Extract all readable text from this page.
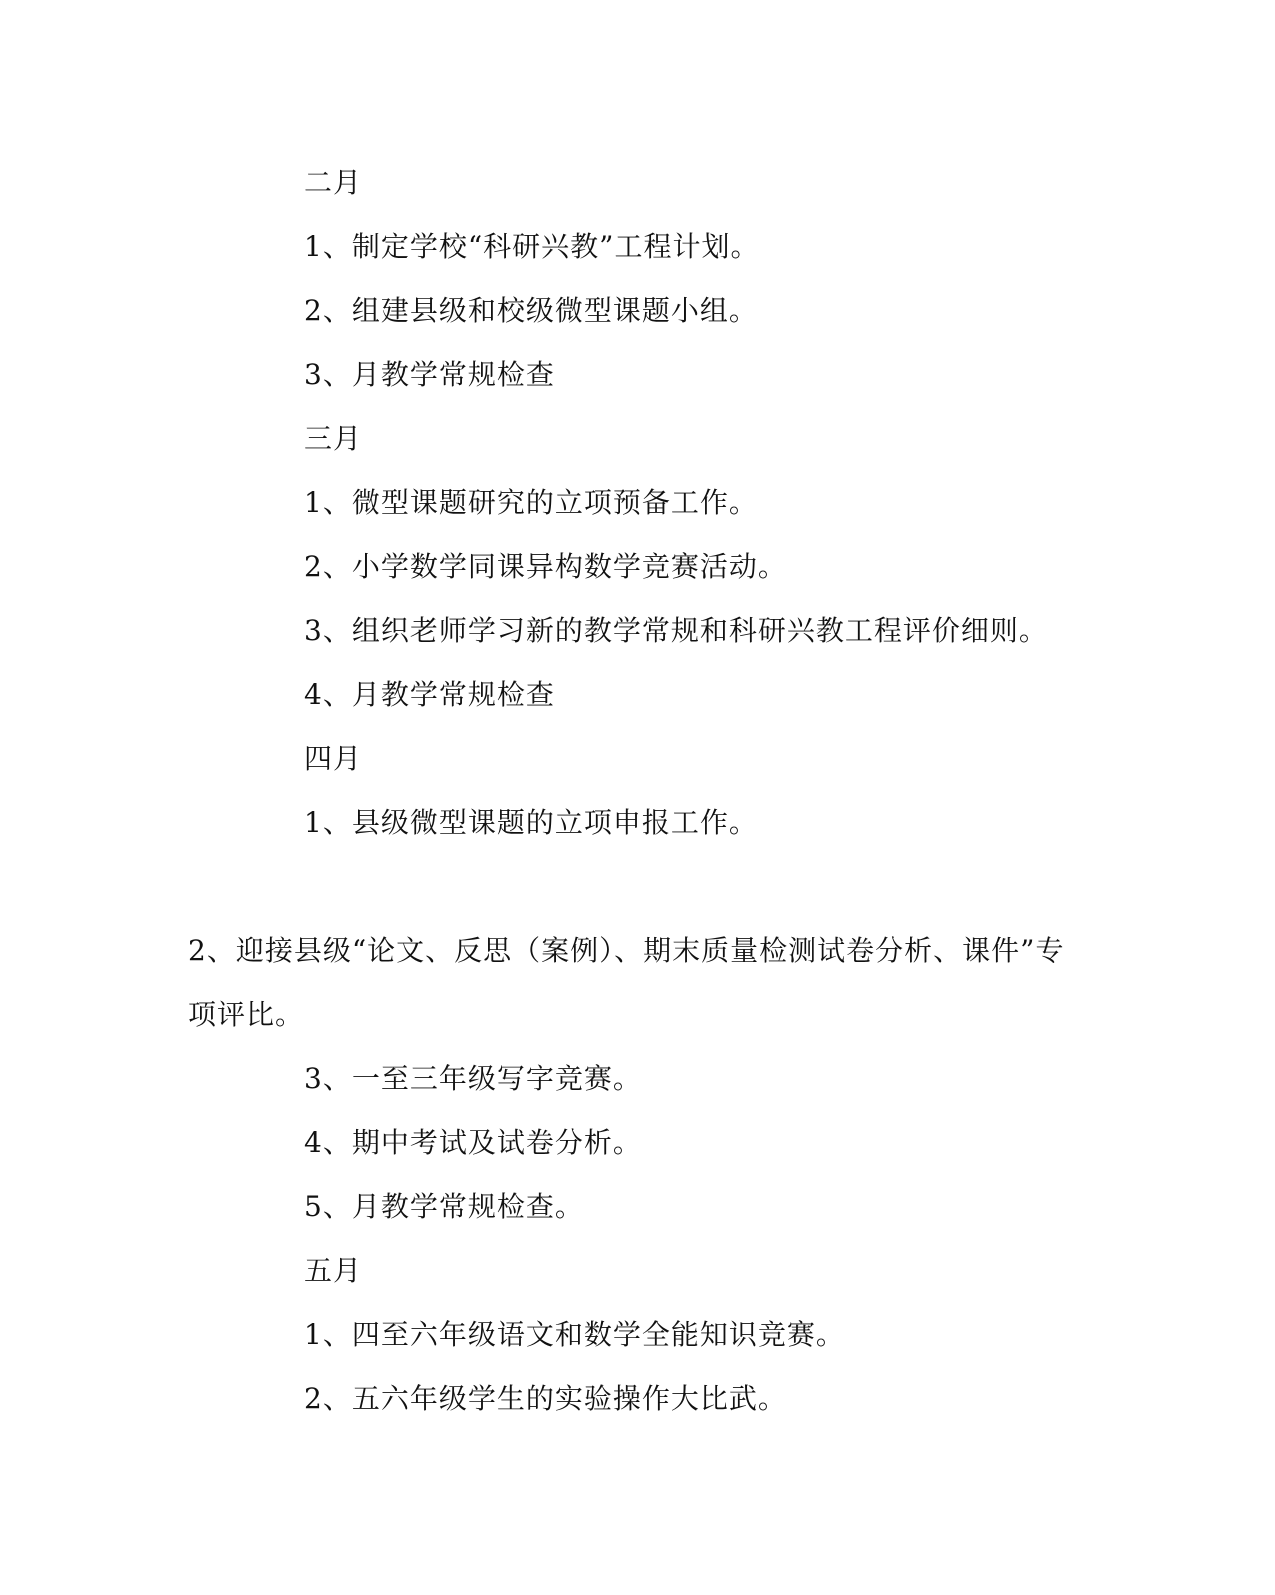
二月
1、制定学校“科研兴教”工程计划。
2、组建县级和校级微型课题小组。
3、月教学常规检查
三月
1、微型课题研究的立项预备工作。
2、小学数学同课异构数学竞赛活动。
3、组织老师学习新的教学常规和科研兴教工程评价细则。
4、月教学常规检查
四月
1、县级微型课题的立项申报工作。
2、迎接县级“论文、反思（案例）、期末质量检测试卷分析、课件”专
项评比。
3、一至三年级写字竞赛。
4、期中考试及试卷分析。
5、月教学常规检查。
五月
1、四至六年级语文和数学全能知识竞赛。
2、五六年级学生的实验操作大比武。
